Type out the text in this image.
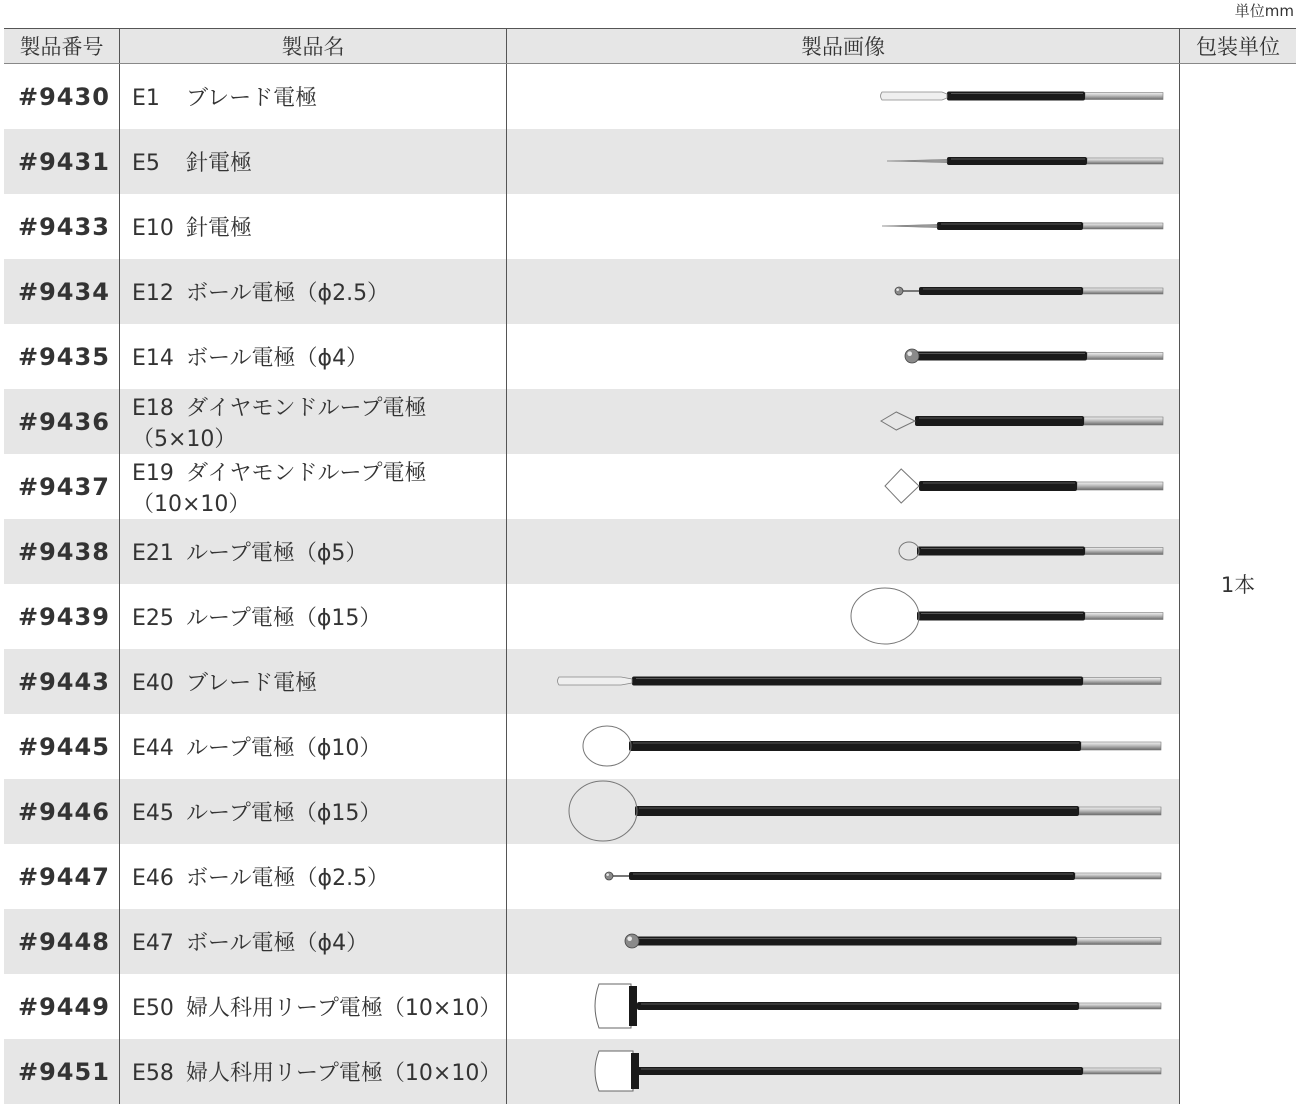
単位mm
製品番号	製品名	製品画像	包装単位
#9430	E1 ブレード電極		1本
#9431	E5 針電極	

#9433	E10 針電極	

#9434	E12 ボール電極（ϕ2.5）	

#9435	E14 ボール電極（ϕ4）	

#9436	E18 ダイヤモンドループ電極（5×10）	

#9437	E19 ダイヤモンドループ電極（10×10）	

#9438	E21 ループ電極（ϕ5）	

#9439	E25 ループ電極（ϕ15）	

#9443	E40 ブレード電極	

#9445	E44 ループ電極（ϕ10）	

#9446	E45 ループ電極（ϕ15）	

#9447	E46 ボール電極（ϕ2.5）	

#9448	E47 ボール電極（ϕ4）	

#9449	E50 婦人科用リープ電極（10×10）	

#9451	E58 婦人科用リープ電極（10×10）	
